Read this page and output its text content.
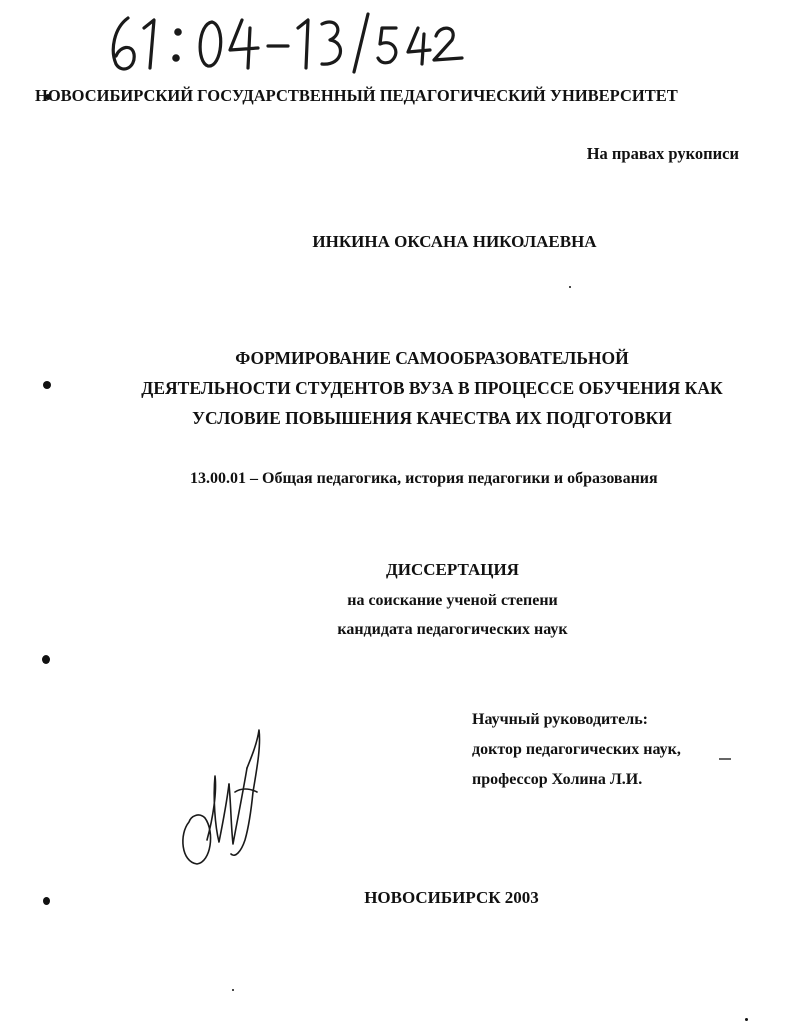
НОВОСИБИРСКИЙ ГОСУДАРСТВЕННЫЙ ПЕДАГОГИЧЕСКИЙ УНИВЕРСИТЕТ
На правах рукописи
ИНКИНА ОКСАНА НИКОЛАЕВНА
ФОРМИРОВАНИЕ САМООБРАЗОВАТЕЛЬНОЙ
ДЕЯТЕЛЬНОСТИ СТУДЕНТОВ ВУЗА В ПРОЦЕССЕ ОБУЧЕНИЯ КАК
УСЛОВИЕ ПОВЫШЕНИЯ КАЧЕСТВА ИХ ПОДГОТОВКИ
13.00.01 – Общая педагогика, история педагогики и образования
ДИССЕРТАЦИЯ
на соискание ученой степени
кандидата педагогических наук
Научный руководитель:
доктор педагогических наук,
профессор Холина Л.И.
НОВОСИБИРСК 2003
